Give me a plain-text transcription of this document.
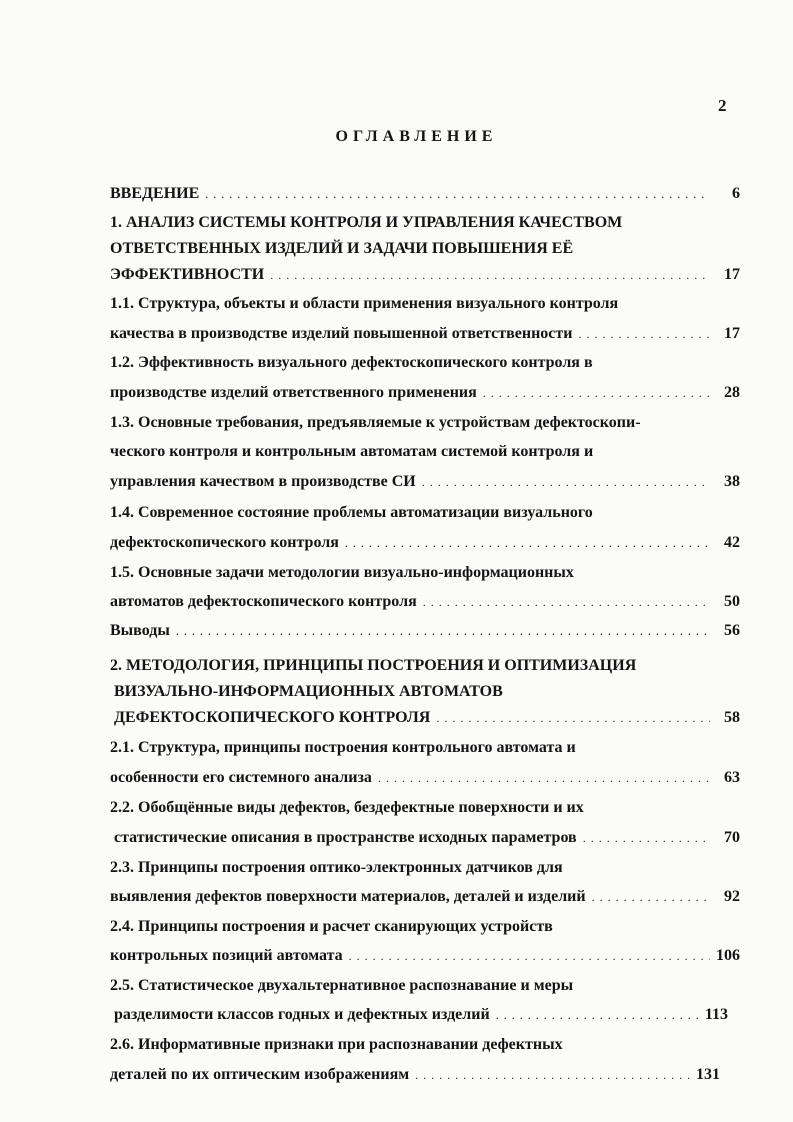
2
ОГЛАВЛЕНИЕ
ВВЕДЕНИЕ . . .	6
1. АНАЛИЗ СИСТЕМЫ КОНТРОЛЯ И УПРАВЛЕНИЯ КАЧЕСТВОМ
ОТВЕТСТВЕННЫХ ИЗДЕЛИЙ И ЗАДАЧИ ПОВЫШЕНИЯ ЕЁ
ЭФФЕКТИВНОСТИ . . .	17
1.1. Структура, объекты и области применения визуального контроля
качества в производстве изделий повышенной ответственности . . .	17
1.2. Эффективность визуального дефектоскопического контроля в
производстве изделий ответственного применения . . .	28
1.3. Основные требования, предъявляемые к устройствам дефектоскопи-
ческого контроля и контрольным автоматам системой контроля и
управления качеством в производстве СИ . . .	38
1.4. Современное состояние проблемы автоматизации визуального
дефектоскопического контроля . . .	42
1.5. Основные задачи методологии визуально-информационных
автоматов дефектоскопического контроля . . .	50
Выводы . . .	56
2. МЕТОДОЛОГИЯ, ПРИНЦИПЫ ПОСТРОЕНИЯ И ОПТИМИЗАЦИЯ
ВИЗУАЛЬНО-ИНФОРМАЦИОННЫХ АВТОМАТОВ
ДЕФЕКТОСКОПИЧЕСКОГО КОНТРОЛЯ . . .	58
2.1. Структура, принципы построения контрольного автомата и
особенности его системного анализа . . .	63
2.2. Обобщённые виды дефектов, бездефектные поверхности и их
статистические описания в пространстве исходных параметров . . .	70
2.3. Принципы построения оптико-электронных датчиков для
выявления дефектов поверхности материалов, деталей и изделий . . .	92
2.4. Принципы построения и расчет сканирующих устройств
контрольных позиций автомата . . .	106
2.5. Статистическое двухальтернативное распознавание и меры
разделимости классов годных и дефектных изделий . . .	113
2.6. Информативные признаки при распознавании дефектных
деталей по их оптическим изображениям . . .	131
